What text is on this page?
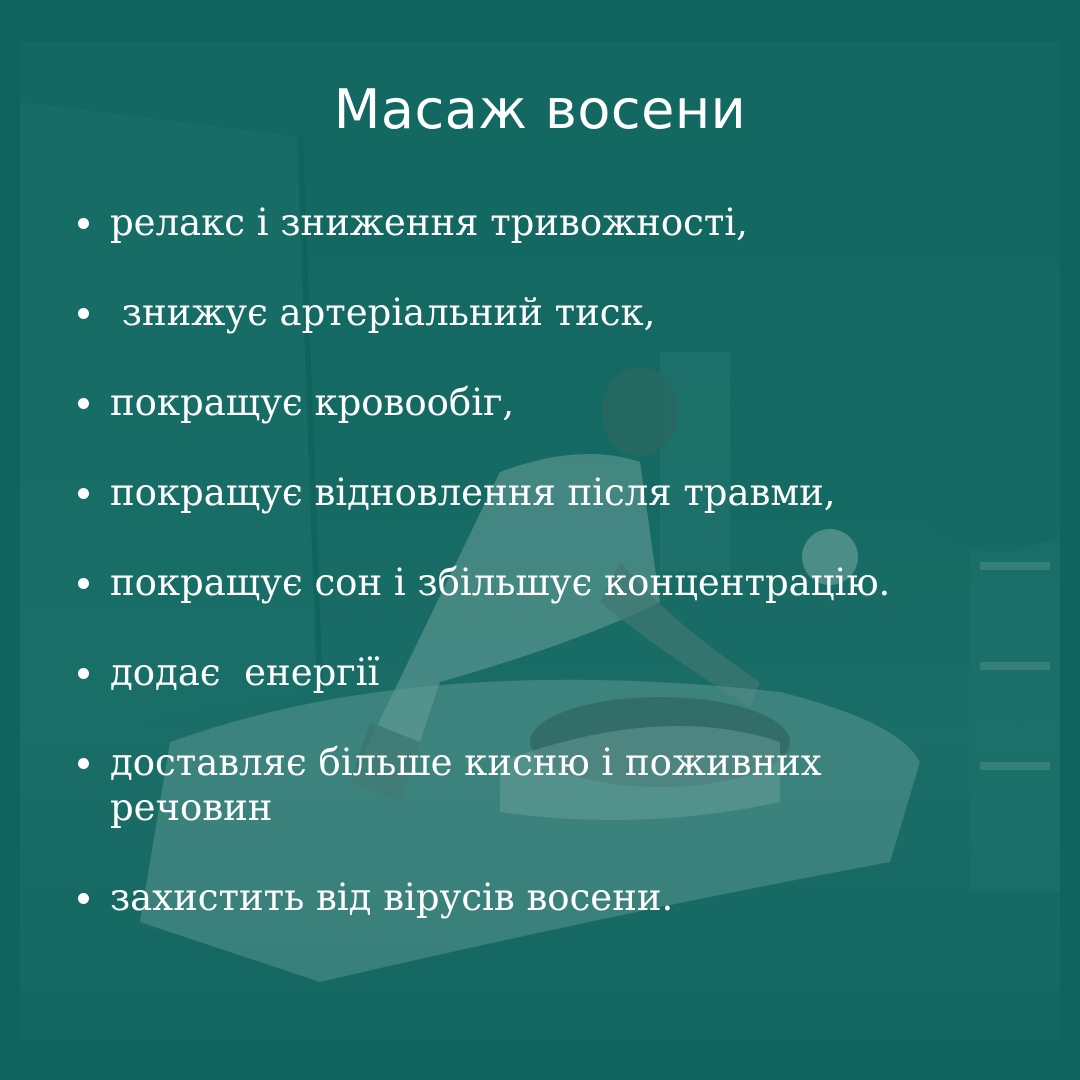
Масаж восени
релакс і зниження тривожності,
знижує артеріальний тиск,
покращує кровообіг,
покращує відновлення після травми,
покращує сон і збільшує концентрацію.
додає  енергії
доставляє більше кисню і поживних речовин
захистить від вірусів восени.
